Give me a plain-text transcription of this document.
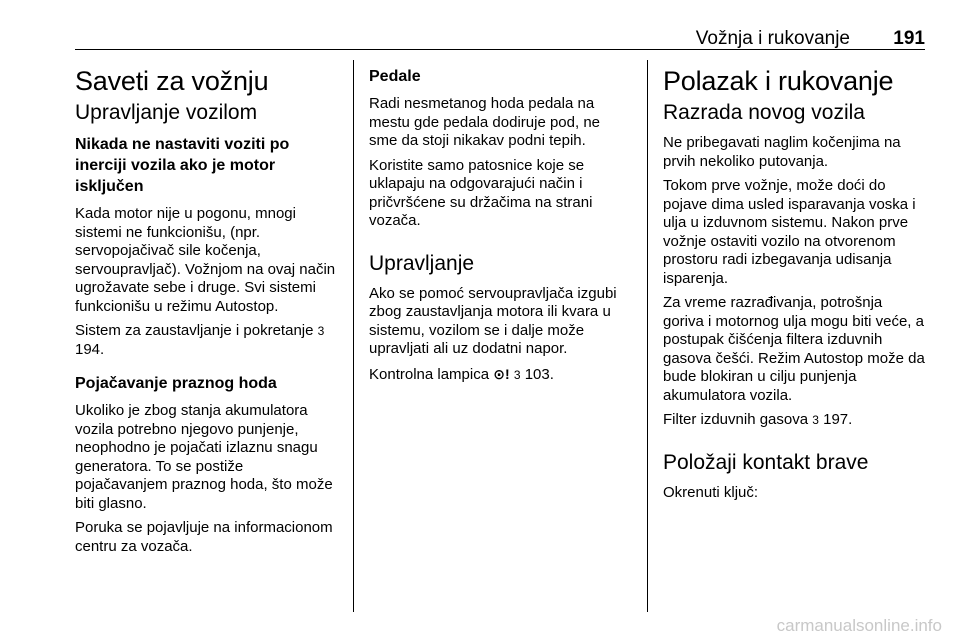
Vožnja i rukovanje 191
Saveti za vožnju
Upravljanje vozilom
Nikada ne nastaviti voziti po inerciji vozila ako je motor isključen

Kada motor nije u pogonu, mnogi sistemi ne funkcionišu, (npr. servopojačivač sile kočenja, servoupravljač). Vožnjom na ovaj način ugrožavate sebe i druge. Svi sistemi funkcionišu u režimu Autostop.

Sistem za zaustavljanje i pokretanje 3 194.

Pojačavanje praznog hoda

Ukoliko je zbog stanja akumulatora vozila potrebno njegovo punjenje, neophodno je pojačati izlaznu snagu generatora. To se postiže pojačavanjem praznog hoda, što može biti glasno.

Poruka se pojavljuje na informacionom centru za vozača.

Pedale

Radi nesmetanog hoda pedala na mestu gde pedala dodiruje pod, ne sme da stoji nikakav podni tepih.

Koristite samo patosnice koje se uklapaju na odgovarajući način i pričvršćene su držačima na strani vozača.

Upravljanje

Ako se pomoć servoupravljača izgubi zbog zaustavljanja motora ili kvara u sistemu, vozilom se i dalje može upravljati ali uz dodatni napor.

Kontrolna lampica ⊙! 3 103.

Polazak i rukovanje
Razrada novog vozila

Ne pribegavati naglim kočenjima na prvih nekoliko putovanja.

Tokom prve vožnje, može doći do pojave dima usled isparavanja voska i ulja u izduvnom sistemu. Nakon prve vožnje ostaviti vozilo na otvorenom prostoru radi izbegavanja udisanja isparenja.

Za vreme razrađivanja, potrošnja goriva i motornog ulja mogu biti veće, a postupak čišćenja filtera izduvnih gasova češći. Režim Autostop može da bude blokiran u cilju punjenja akumulatora vozila.

Filter izduvnih gasova 3 197.

Položaji kontakt brave

Okrenuti ključ:

carmanualsonline.info
